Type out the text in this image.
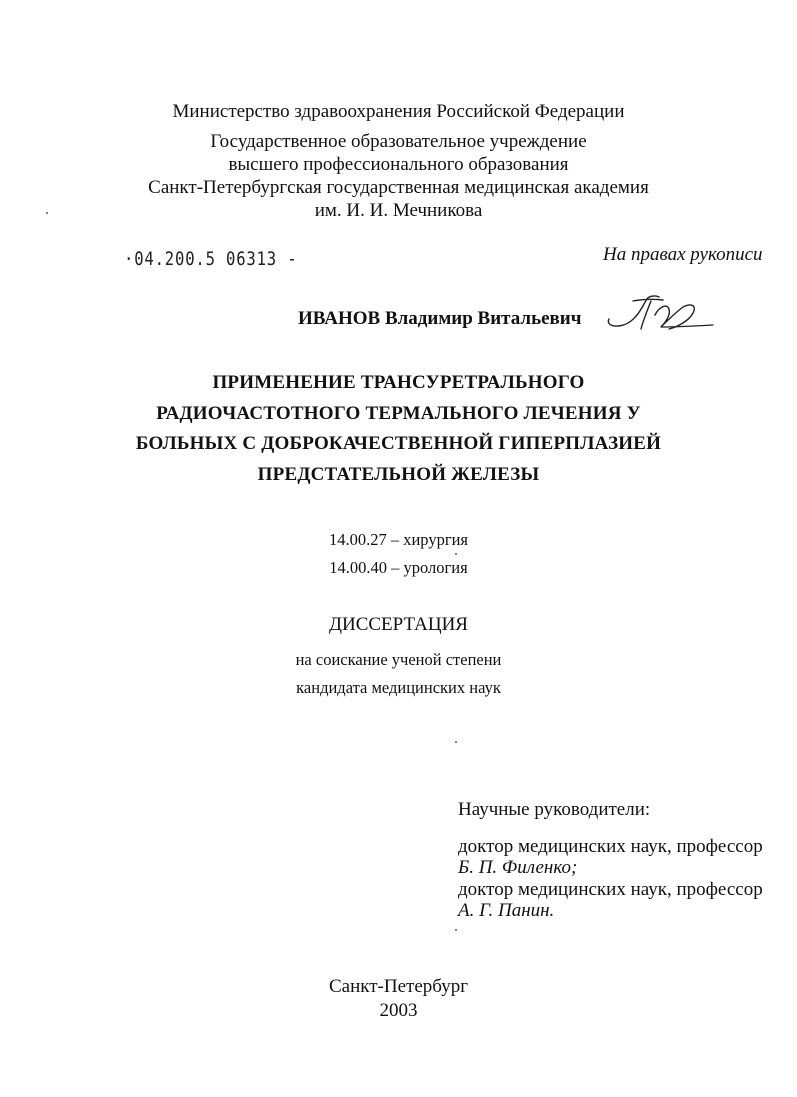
Министерство здравоохранения Российской Федерации
Государственное образовательное учреждение
высшего профессионального образования
Санкт-Петербургская государственная медицинская академия
им. И. И. Мечникова
·04.200.5 06313 -	На правах рукописи
ИВАНОВ Владимир Витальевич
ПРИМЕНЕНИЕ ТРАНСУРЕТРАЛЬНОГО
РАДИОЧАСТОТНОГО ТЕРМАЛЬНОГО ЛЕЧЕНИЯ У
БОЛЬНЫХ С ДОБРОКАЧЕСТВЕННОЙ ГИПЕРПЛАЗИЕЙ
ПРЕДСТАТЕЛЬНОЙ ЖЕЛЕЗЫ
14.00.27 – хирургия
14.00.40 – урология
ДИССЕРТАЦИЯ
на соискание ученой степени
кандидата медицинских наук
Научные руководители:
доктор медицинских наук, профессор
Б. П. Филенко;
доктор медицинских наук, профессор
А. Г. Панин.
Санкт-Петербург
2003
